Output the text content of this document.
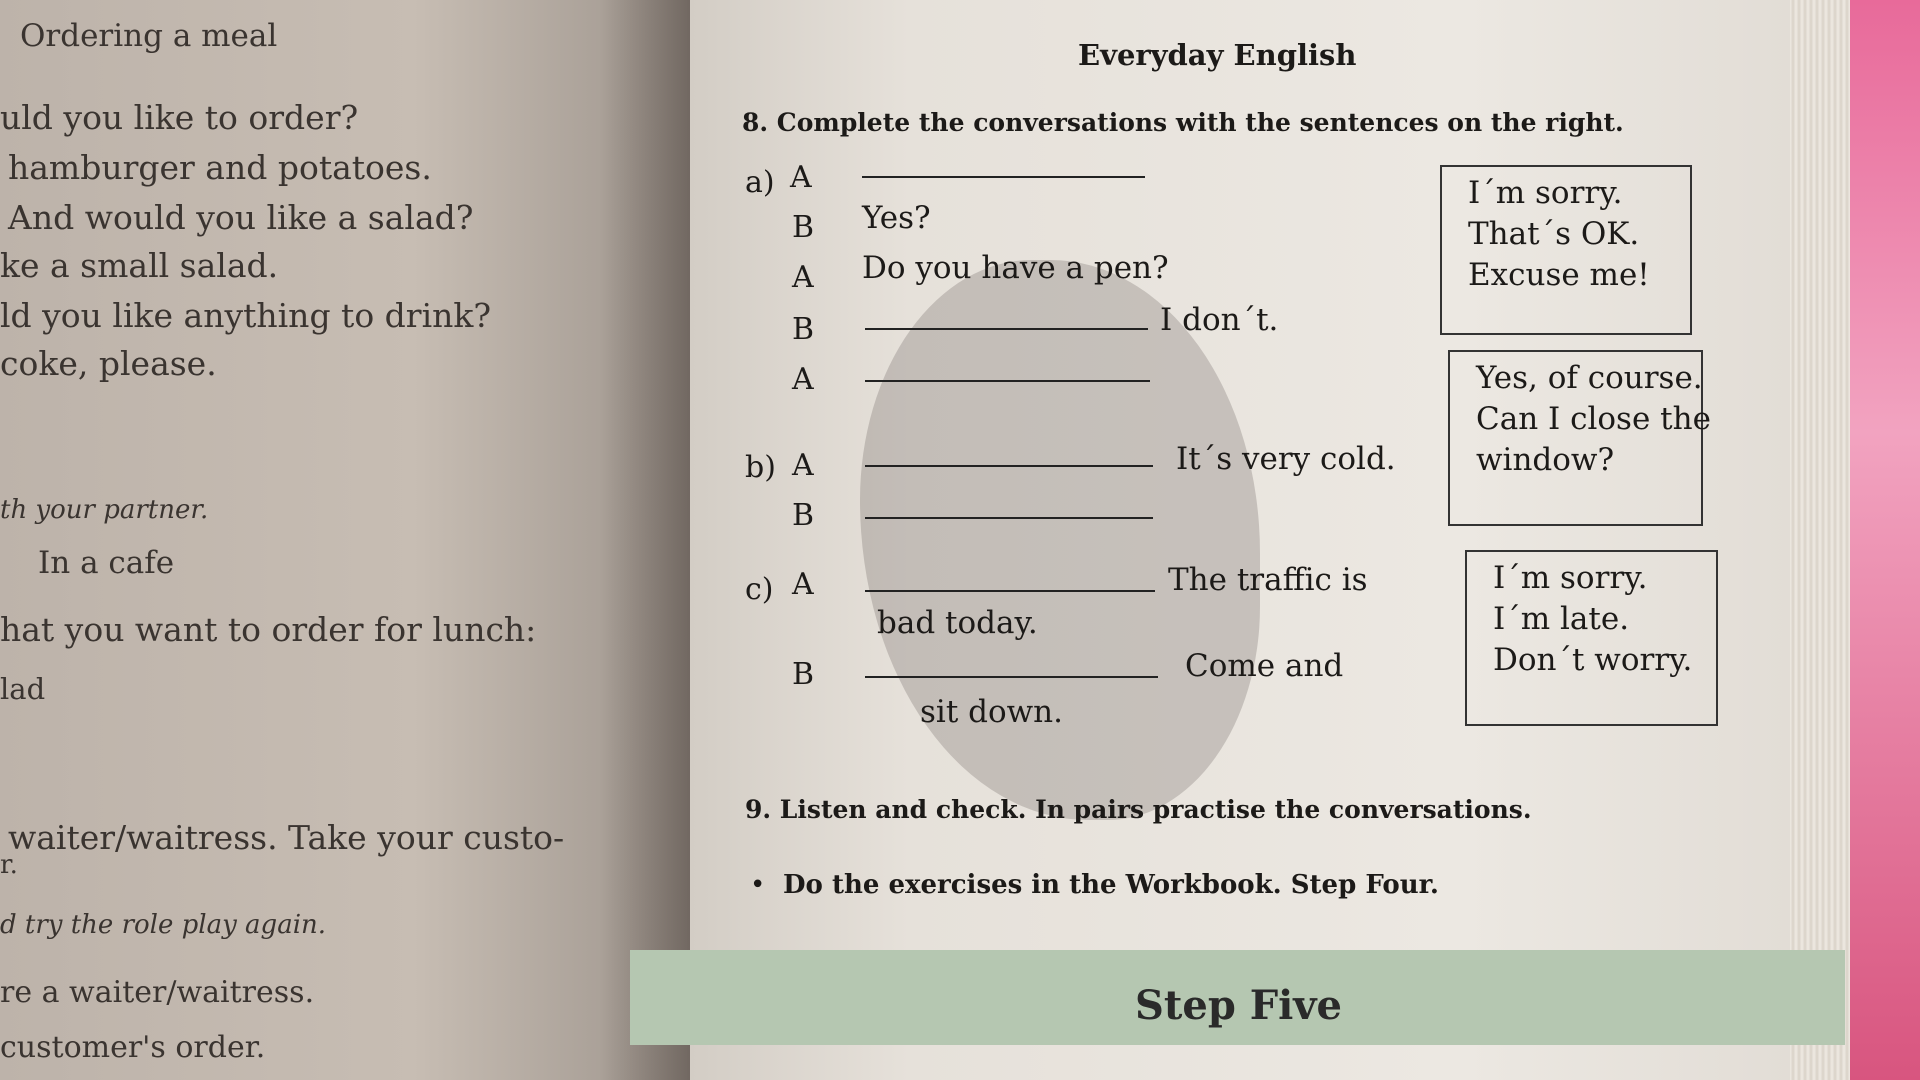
Ordering a meal
uld you like to order?
hamburger and potatoes.
And would you like a salad?
ke a small salad.
ld you like anything to drink?
coke, please.
th your partner.
In a cafe
hat you want to order for lunch:
lad
waiter/waitress. Take your custo-
r.
d try the role play again.
re a waiter/waitress.
customer's order.
Everyday English
8. Complete the conversations with the sentences on the right.
a) A
B Yes?
A Do you have a pen?
B	I don´t.
A
b) A	It´s very cold.
B
c) A	The traffic is
bad today.
B	Come and
sit down.
I´m sorry.
That´s OK.
Excuse me!
Yes, of course.
Can I close the
window?
I´m sorry.
I´m late.
Don´t worry.
9. Listen and check. In pairs practise the conversations.
• Do the exercises in the Workbook. Step Four.
Step Five
